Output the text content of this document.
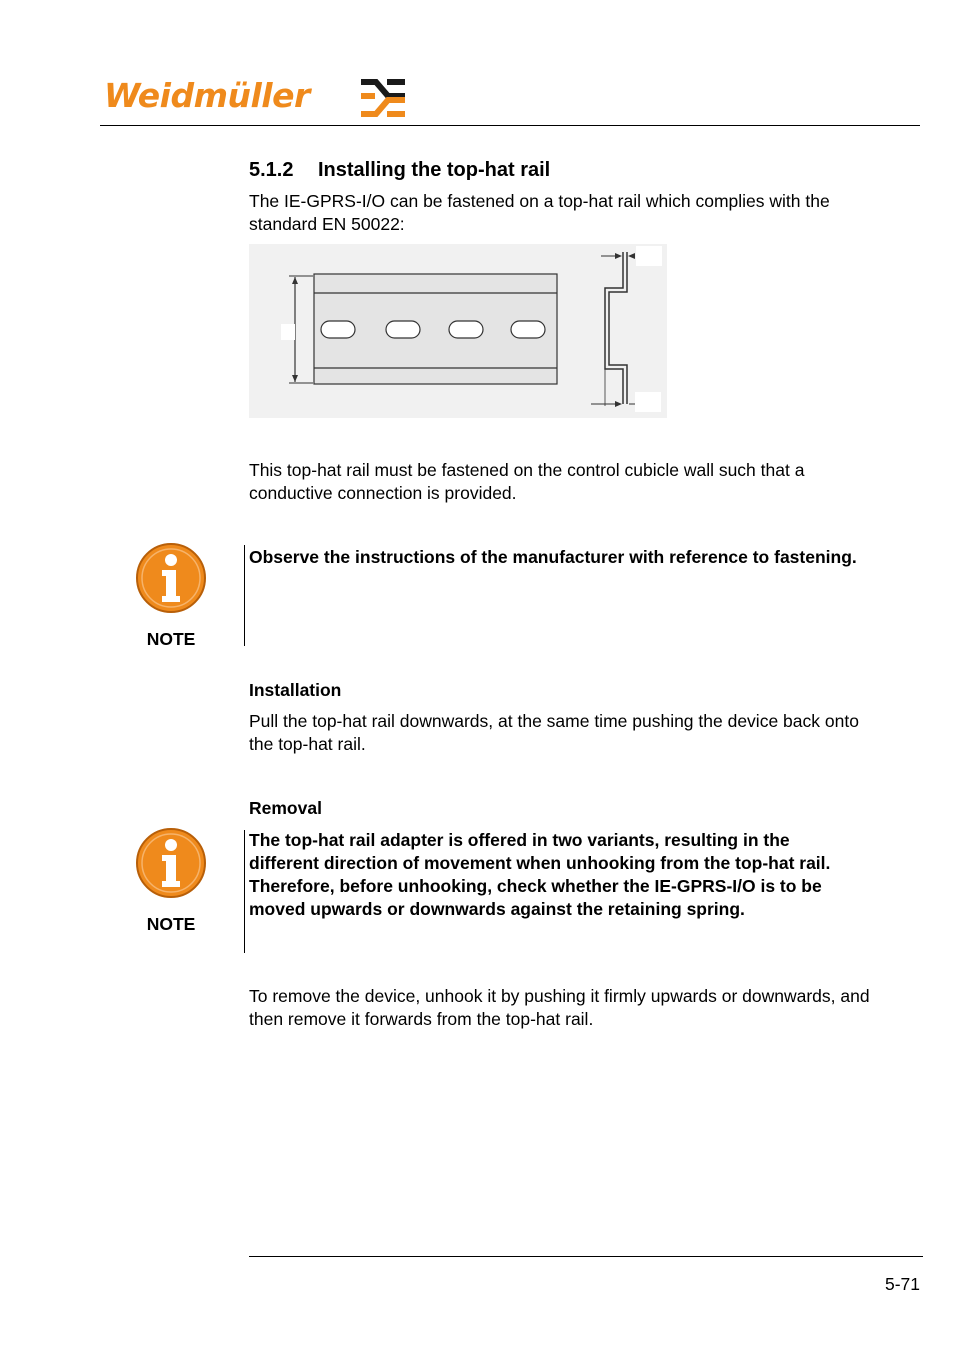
Weidmüller
5.1.2 Installing the top-hat rail
The IE-GPRS-I/O can be fastened on a top-hat rail which complies with the standard EN 50022:
This top-hat rail must be fastened on the control cubicle wall such that a conductive connection is provided.
NOTE
Observe the instructions of the manufacturer with reference to fastening.
Installation
Pull the top-hat rail downwards, at the same time pushing the device back onto the top-hat rail.
Removal
NOTE
The top-hat rail adapter is offered in two variants, resulting in the different direction of movement when unhooking from the top-hat rail. Therefore, before unhooking, check whether the IE-GPRS-I/O is to be moved upwards or downwards against the retaining spring.
To remove the device, unhook it by pushing it firmly upwards or downwards, and then remove it forwards from the top-hat rail.
5-71
